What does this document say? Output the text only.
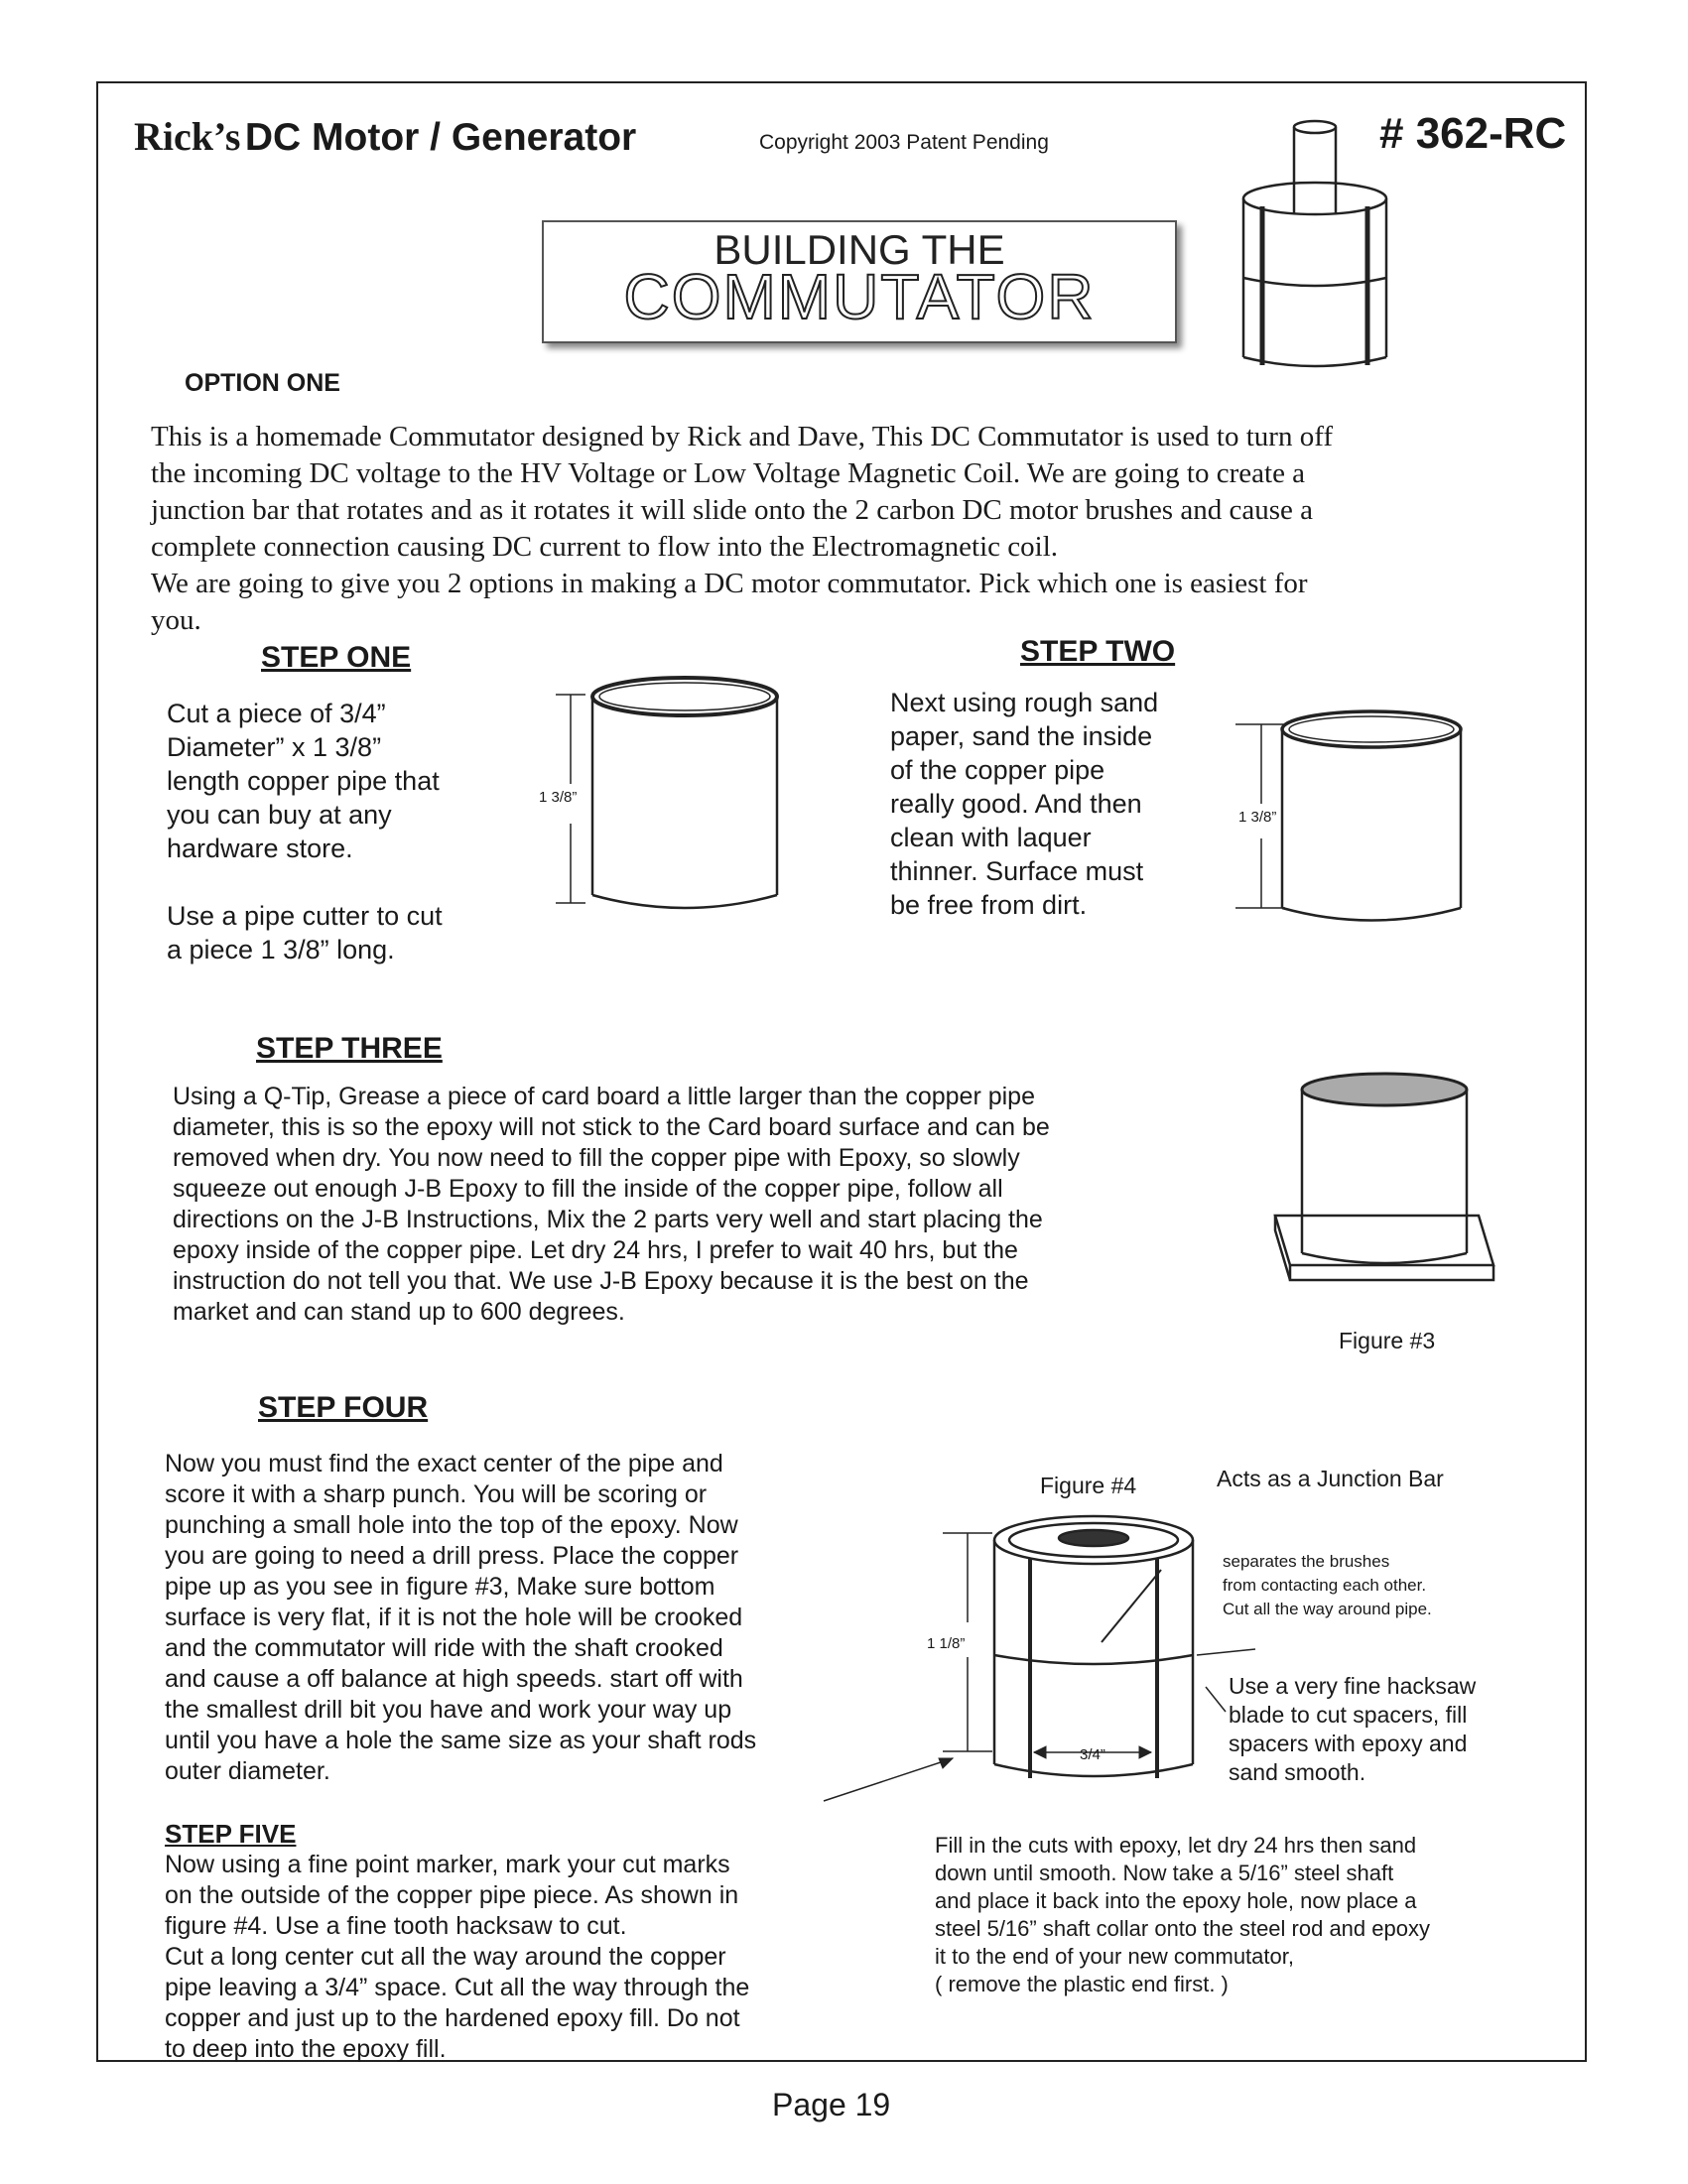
Rick’s DC Motor / Generator	Copyright 2003 Patent Pending	# 362-RC
BUILDING THE
COMMUTATOR
OPTION ONE
This is a homemade Commutator designed by Rick and Dave, This DC Commutator is used to turn off
the incoming DC voltage to the HV Voltage or Low Voltage Magnetic Coil. We are going to create a
junction bar that rotates and as it rotates it will slide onto the 2 carbon DC motor brushes and cause a
complete connection causing DC current to flow into the Electromagnetic coil.
We are going to give you 2 options in making a DC motor commutator. Pick which one is easiest for
you.
STEP ONE
Cut a piece of 3/4”
Diameter” x 1 3/8”
length copper pipe that
you can buy at any
hardware store.
Use a pipe cutter to cut
a piece 1 3/8” long.
1 3/8”
STEP TWO
Next using rough sand
paper, sand the inside
of the copper pipe
really good. And then
clean with laquer
thinner. Surface must
be free from dirt.
1 3/8”
STEP THREE
Using a Q-Tip, Grease a piece of card board a little larger than the copper pipe
diameter, this is so the epoxy will not stick to the Card board surface and can be
removed when dry. You now need to fill the copper pipe with Epoxy, so slowly
squeeze out enough J-B Epoxy to fill the inside of the copper pipe, follow all
directions on the J-B Instructions, Mix the 2 parts very well and start placing the
epoxy inside of the copper pipe. Let dry 24 hrs, I prefer to wait 40 hrs, but the
instruction do not tell you that. We use J-B Epoxy because it is the best on the
market and can stand up to 600 degrees.
Figure #3
STEP FOUR
Now you must find the exact center of the pipe and
score it with a sharp punch. You will be scoring or
punching a small hole into the top of the epoxy. Now
you are going to need a drill press. Place the copper
pipe up as you see in figure #3, Make sure bottom
surface is very flat, if it is not the hole will be crooked
and the commutator will ride with the shaft crooked
and cause a off balance at high speeds. start off with
the smallest drill bit you have and work your way up
until you have a hole the same size as your shaft rods
outer diameter.
Figure #4	Acts as a Junction Bar
1 1/8”
3/4”
separates the brushes
from contacting each other.
Cut all the way around pipe.
Use a very fine hacksaw
blade to cut spacers, fill
spacers with epoxy and
sand smooth.
STEP FIVE
Now using a fine point marker, mark your cut marks
on the outside of the copper pipe piece. As shown in
figure #4. Use a fine tooth hacksaw to cut.
Cut a long center cut all the way around the copper
pipe leaving a 3/4” space. Cut all the way through the
copper and just up to the hardened epoxy fill. Do not
to deep into the epoxy fill.
Fill in the cuts with epoxy, let dry 24 hrs then sand
down until smooth. Now take a 5/16” steel shaft
and place it back into the epoxy hole, now place a
steel 5/16” shaft collar onto the steel rod and epoxy
it to the end of your new commutator,
( remove the plastic end first. )
Page 19
